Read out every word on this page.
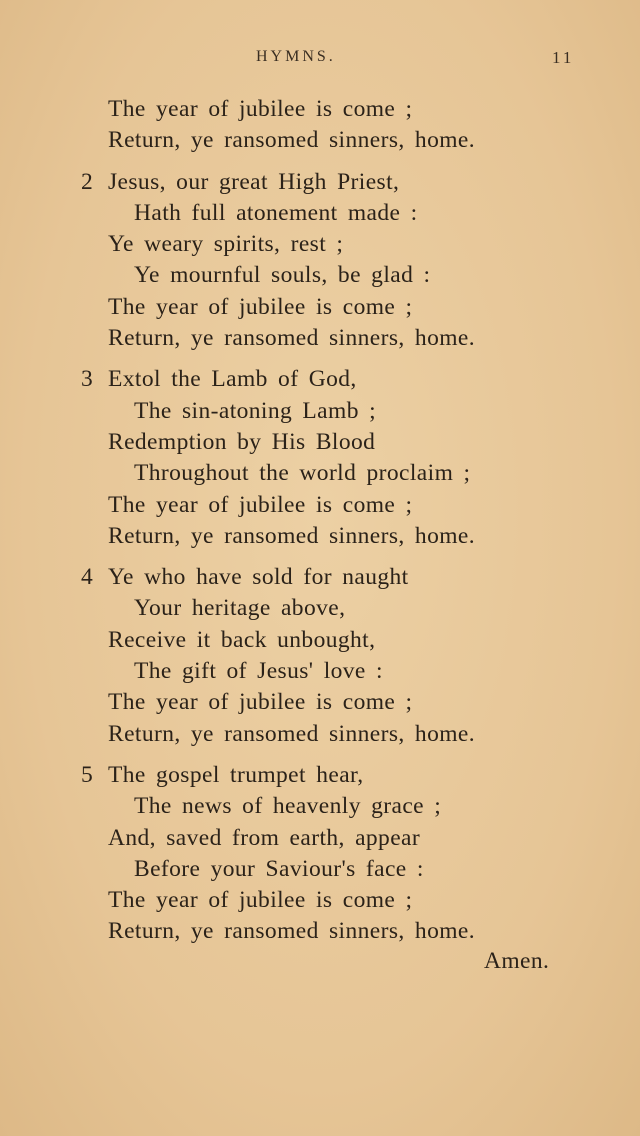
HYMNS.	11
The year of jubilee is come ;
Return, ye ransomed sinners, home.
2 Jesus, our great High Priest,
Hath full atonement made :
Ye weary spirits, rest ;
Ye mournful souls, be glad :
The year of jubilee is come ;
Return, ye ransomed sinners, home.
3 Extol the Lamb of God,
The sin-atoning Lamb ;
Redemption by His Blood
Throughout the world proclaim ;
The year of jubilee is come ;
Return, ye ransomed sinners, home.
4 Ye who have sold for naught
Your heritage above,
Receive it back unbought,
The gift of Jesus' love :
The year of jubilee is come ;
Return, ye ransomed sinners, home.
5 The gospel trumpet hear,
The news of heavenly grace ;
And, saved from earth, appear
Before your Saviour's face :
The year of jubilee is come ;
Return, ye ransomed sinners, home.
Amen.
